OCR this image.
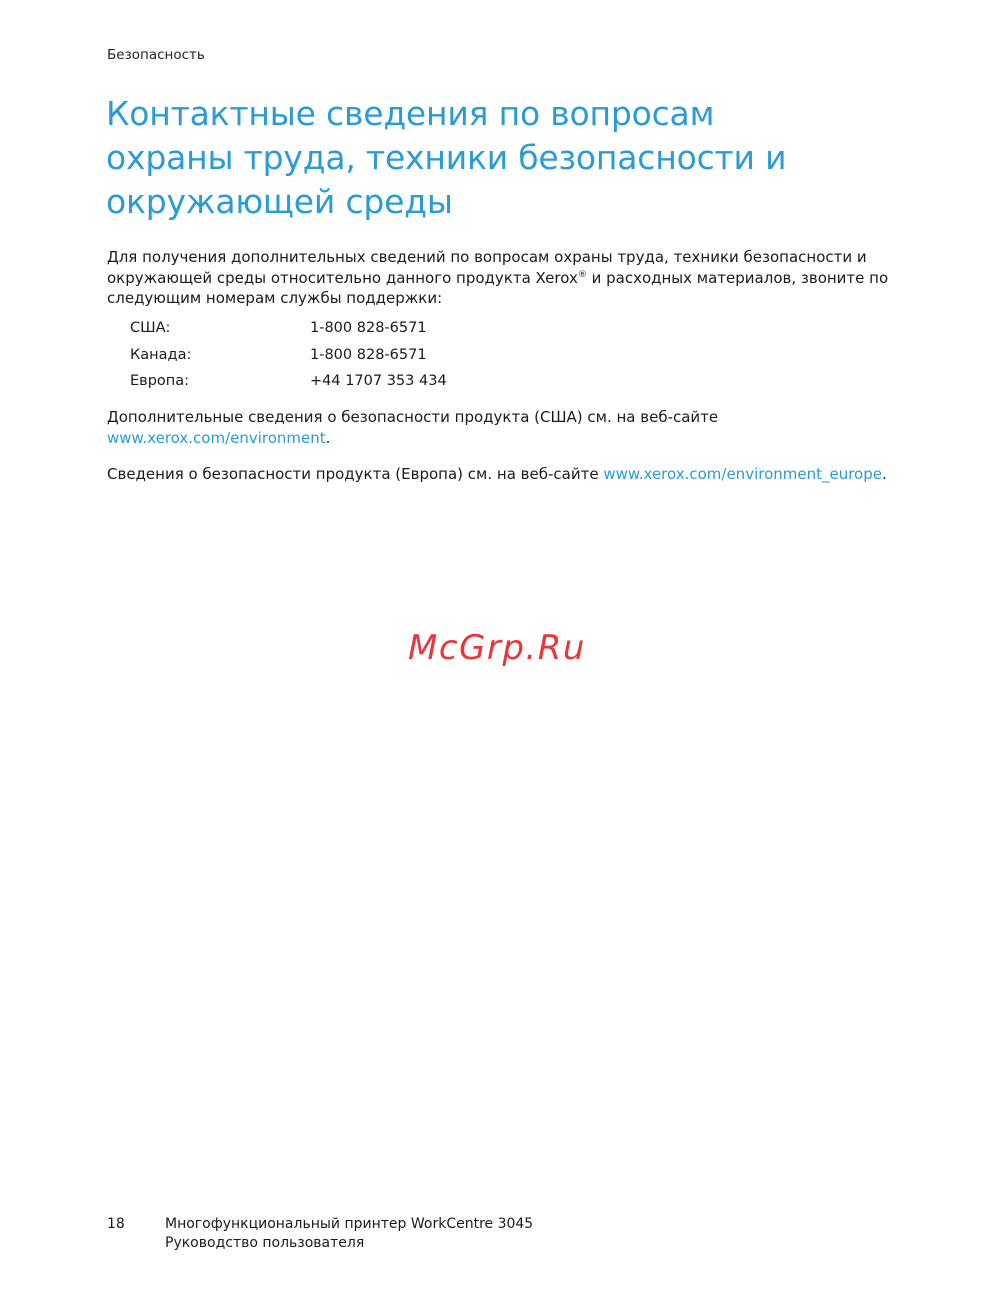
Безопасность
Контактные сведения по вопросам
охраны труда, техники безопасности и
окружающей среды

Для получения дополнительных сведений по вопросам охраны труда, техники безопасности и окружающей среды относительно данного продукта Xerox® и расходных материалов, звоните по следующим номерам службы поддержки:

США:	1-800 828-6571
Канада:	1-800 828-6571
Европа:	+44 1707 353 434

Дополнительные сведения о безопасности продукта (США) см. на веб-сайте
www.xerox.com/environment.

Сведения о безопасности продукта (Европа) см. на веб-сайте www.xerox.com/environment_europe.

McGrp.Ru
18	Многофункциональный принтер WorkCentre 3045
Руководство пользователя
